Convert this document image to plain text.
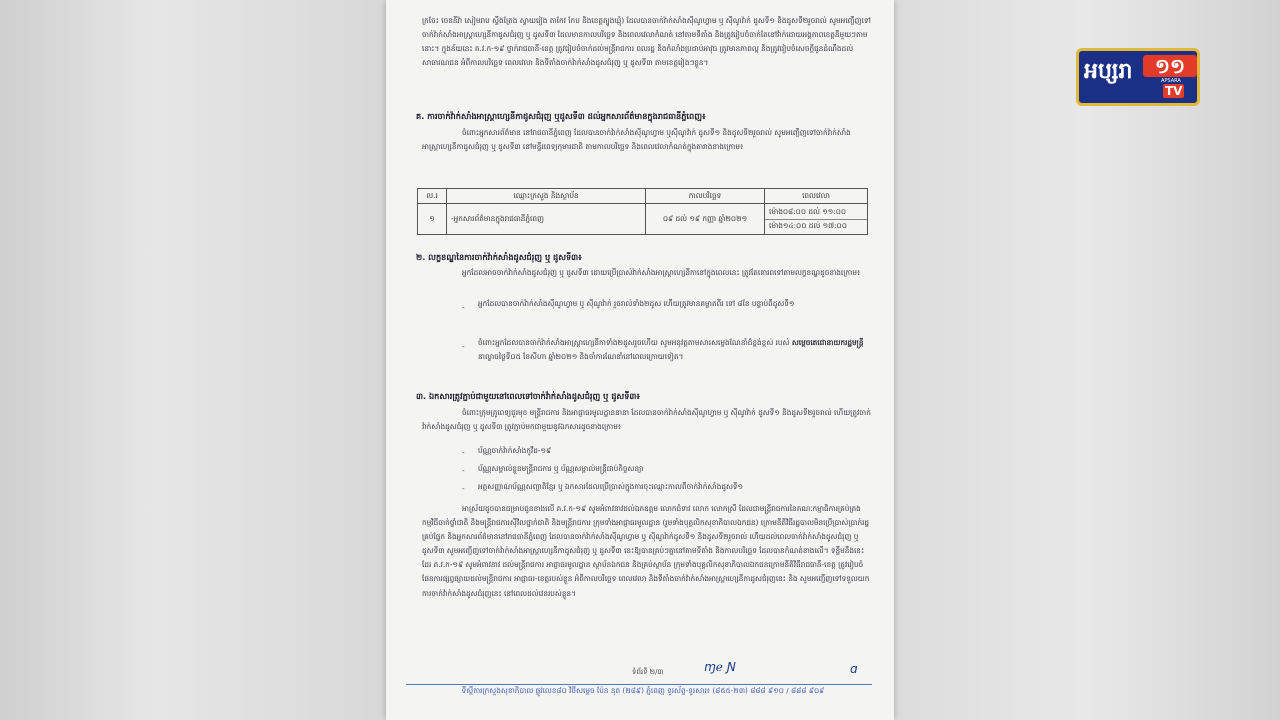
ក្រចែះ ចេននីវ៉ា សៀមរាប ស្ទឹងត្រែង ស្វាយរៀង តាកែវ កែប និងខេត្តត្បូងឃ្មុំ) ដែលបានចាក់វ៉ាក់សាំងស៊ីណូហ្វាម ឬ ស៊ីណូវ៉ាក់ ដូសទី១ និងដូសទី២រួចរាល់ សូមអញ្ជើញទៅចាក់វ៉ាក់សាំងអាស្ត្រាហ្សេនីកាដូសជំរុញ ឬ ដូសទី៣ ដែលមានកាលបរិច្ឆេទ និងពេលវេលាកំណត់ នៅតាមទីតាំង និងត្រូវរៀបចំចាក់តែនៅវ៉ាក់ដោយអង្គភាពខេត្តនីមួយៗតាមនោះ។ ក្នុងន័យនេះ គ.វ.ក-១៩ ថ្នាក់រាជធានី-ខេត្ត ត្រូវរៀបចំចាក់ដល់មន្ត្រីរាជការ ពលរដ្ឋ និងកំលាំងប្រដាប់អាវុធ ត្រូវមានភាពល្អ និងត្រូវរៀបចំសេចក្តីជូនដំណឹងដល់សាធារណជន អំពីកាលបរិច្ឆេទ ពេលវេលា និងទីតាំងចាក់វ៉ាក់សាំងដូសជំរុញ ឬ ដូសទី៣ តាមខេត្តរៀងៗខ្លួន។
គ. ការចាក់វ៉ាក់សាំងអាស្ត្រាហ្សេនីកាដូសជំរុញ ឬដូសទី៣ ដល់អ្នកសារព័ត៌មានក្នុងរាជធានីភ្នំពេញ៖
ចំពោះអ្នកសារព័ត៌មាន នៅរាជធានីភ្នំពេញ ដែលបានចាក់វ៉ាក់សាំងស៊ីណូហ្វាម ឬស៊ីណូវ៉ាក់ ដូសទី១ និងដូសទី២រួចរាល់ សូមអញ្ជើញទៅចាក់វ៉ាក់សាំងអាស្ត្រាហ្សេនីកាដូសជំរុញ ឬ ដូសទី៣ នៅមន្ទីរពេទ្យកុមារជាតិ តាមកាលបរិច្ឆេទ និងពេលវេលាកំណត់ក្នុងតារាងខាងក្រោម៖
ល.រ	ឈ្មោះក្រសួង និងស្ថាប័ន	កាលបរិច្ឆេទ	ពេលវេលា
១	-អ្នកសារព័ត៌មានក្នុងរាជធានីភ្នំពេញ	០៩ ដល់ ១៩ កញ្ញា ឆ្នាំ២០២១	ម៉ោង០៨:០០ ដល់ ១១:០០
ម៉ោង១៤:០០ ដល់ ១៧:០០
២. លក្ខខណ្ឌនៃការចាក់វ៉ាក់សាំងដូសជំរុញ ឬ ដូសទី៣៖
អ្នកដែលអាចចាក់វ៉ាក់សាំងដូសជំរុញ ឬ ដូសទី៣ ដោយប្រើប្រាស់វ៉ាក់សាំងអាស្ត្រាហ្សេនីកានៅក្នុងពេលនេះ ត្រូវតែគោរពទៅតាមលក្ខខណ្ឌដូចខាងក្រោម៖
- អ្នកដែលបានចាក់វ៉ាក់សាំងស៊ីណូហ្វាម ឬ ស៊ីណូវ៉ាក់ រួចរាល់ទាំង២ដូស ហើយត្រូវមានគម្លាតពីរ ទៅ ៨ខែ បន្ទាប់ពីដូសទី១
- ចំពោះអ្នកដែលបានចាក់វ៉ាក់សាំងអាស្ត្រាហ្សេនីកាទាំង២ដូសរួចហើយ សូមអនុវត្តតាមសារសម្លេងណែនាំដ៏ខ្ពង់ខ្ពស់ របស់ សម្តេចតេជោនាយករដ្ឋមន្ត្រី នាល្ងាចថ្ងៃទី០៥ ខែសីហា ឆ្នាំ២០២១ និងចាំការណែនាំនៅពេលក្រោយទៀត។
៣. ឯកសារត្រូវភ្ជាប់ជាមួយនៅពេលទៅចាក់វ៉ាក់សាំងដូសជំរុញ ឬ ដូសទី៣៖
ចំពោះក្រុមគ្រូពេទ្យជួរមុខ មន្ត្រីរាជការ និងអាជ្ញាធរមូលដ្ឋាននានា ដែលបានចាក់វ៉ាក់សាំងស៊ីណូហ្វាម ឬ ស៊ីណូវ៉ាក់ ដូសទី១ និងដូសទី២រួចរាល់ ហើយត្រូវចាក់វ៉ាក់សាំងដូសជំរុញ ឬ ដូសទី៣ ត្រូវភ្ជាប់មកជាមួយនូវឯកសារដូចខាងក្រោម៖
- ប័ណ្ណចាក់វ៉ាក់សាំងកូវីដ-១៩
- ប័ណ្ណសម្គាល់ខ្លួនមន្ត្រីរាជការ ឬ ប័ណ្ណសម្គាល់មន្ត្រីជាប់កិច្ចសន្យា
- អត្តសញ្ញាណប័ណ្ណសញ្ជាតិខ្មែរ ឬ ឯកសារដែលប្រើប្រាស់ក្នុងការចុះឈ្មោះកាលពីចាក់វ៉ាក់សាំងដូសទី១
អាស្រ័យដូចបានជម្រាបជូនខាងលើ គ.វ.ក-១៩ សូមអំពាវនាវដល់ឯកឧត្តម លោកជំទាវ លោក លោកស្រី ដែលជាមន្ត្រីរាជការនៃគណៈកម្មាធិការគ្រប់គ្រងកម្មវិធីចាក់ថ្នាំជាតិ និងមន្ត្រីរាជការស៊ីវិលថ្នាក់ជាតិ និងមន្ត្រីរាជការ ក្រុមទាំងអាជ្ញាធរមូលដ្ឋាន (រួមទាំងបុគ្គលិកសុខាភិបាលឯកជន) ក្រោមនីតិវិធីរដ្ឋបាលមិនប្រើប្រាស់ប្រាក់រដ្ឋគ្រប់ផ្នែក និងអ្នកសារព័ត៌មាននៅរាជធានីភ្នំពេញ ដែលបានចាក់វ៉ាក់សាំងស៊ីណូហ្វាម ឬ ស៊ីណូវ៉ាក់ដូសទី១ និងដូសទី២រួចរាល់ ហើយដល់ពេលចាក់វ៉ាក់សាំងដូសជំរុញ ឬ ដូសទី៣ សូមអញ្ជើញទៅចាក់វ៉ាក់សាំងអាស្ត្រាហ្សេនីកាដូសជំរុញ ឬ ដូសទី៣ នេះឱ្យបានគ្រប់ៗគ្នានៅតាមទីតាំង និងកាលបរិច្ឆេទ ដែលបានកំណត់ខាងលើ។ ទន្ទឹមនឹងនេះដែរ គ.វ.ក-១៩ សូមអំពាវនាវ ដល់មន្ត្រីរាជការ អាជ្ញាធរមូលដ្ឋាន ស្ថាប័នឯកជន និងគ្រប់ស្ថាប័ន ក្រុមទាំងបុគ្គលិកសុខាភិបាលឯកជនក្រោមនីតិវិធីរាជធានី-ខេត្ត ត្រូវរៀបចំផែនការផ្សព្វផ្សាយដល់មន្ត្រីរាជការ អាជ្ញាធរ-ខេត្តរបស់ខ្លួន អំពីកាលបរិច្ឆេទ ពេលវេលា និងទីតាំងចាក់វ៉ាក់សាំងអាស្ត្រាហ្សេនីកាដូសជំរុញនេះ និង សូមអញ្ជើញទៅទទួលយកការចាក់វ៉ាក់សាំងដូសជំរុញនេះ នៅពេលដល់វេនរបស់ខ្លួន។
ទំព័រទី ២/៣	ɱℯ Ɲ	ɑ
ទីស្តីការក្រសួងសុខាភិបាល ផ្លូវលេខ៨០ វិថីសម្តេច ប៉ែន នុត (២៨៩) ភ្នំពេញ ទូរស័ព្ទ-ទូរសារ៖ (៨៥៥-២៣) ៨៨៨ ៩១០ / ៨៨៨ ៩០៩
អប្សរា	១១
APSARA
TV
